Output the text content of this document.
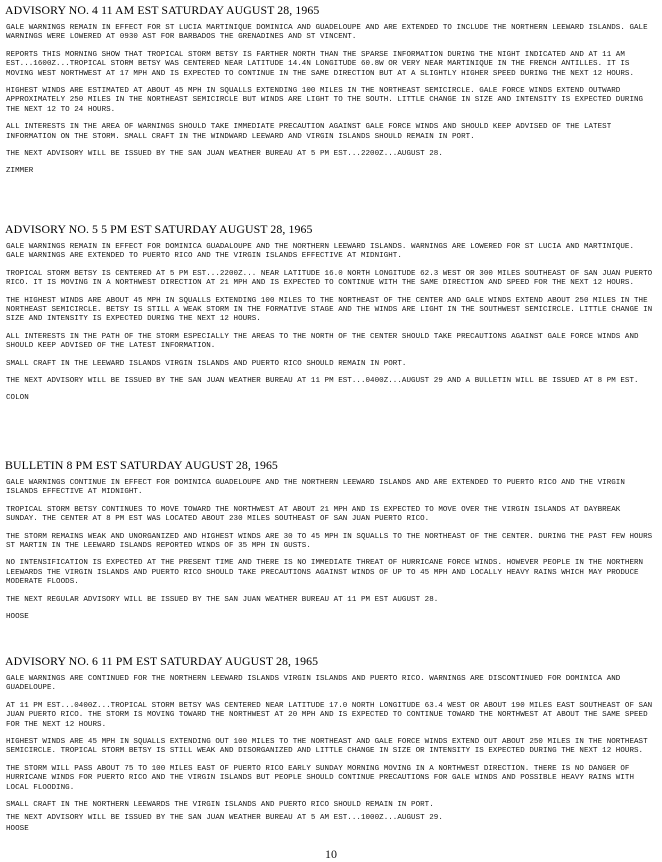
ADVISORY NO. 4 11 AM EST SATURDAY AUGUST 28, 1965
GALE WARNINGS REMAIN IN EFFECT FOR ST LUCIA MARTINIQUE DOMINICA AND GUADELOUPE AND ARE EXTENDED TO INCLUDE THE NORTHERN LEEWARD ISLANDS. GALE WARNINGS WERE LOWERED AT 0930 AST FOR BARBADOS THE GRENADINES AND ST VINCENT.
REPORTS THIS MORNING SHOW THAT TROPICAL STORM BETSY IS FARTHER NORTH THAN THE SPARSE INFORMATION DURING THE NIGHT INDICATED AND AT 11 AM EST...1600Z...TROPICAL STORM BETSY WAS CENTERED NEAR LATITUDE 14.4N LONGITUDE 60.8W OR VERY NEAR MARTINIQUE IN THE FRENCH ANTILLES. IT IS MOVING WEST NORTHWEST AT 17 MPH AND IS EXPECTED TO CONTINUE IN THE SAME DIRECTION BUT AT A SLIGHTLY HIGHER SPEED DURING THE NEXT 12 HOURS.
HIGHEST WINDS ARE ESTIMATED AT ABOUT 45 MPH IN SQUALLS EXTENDING 100 MILES IN THE NORTHEAST SEMICIRCLE. GALE FORCE WINDS EXTEND OUTWARD APPROXIMATELY 250 MILES IN THE NORTHEAST SEMICIRCLE BUT WINDS ARE LIGHT TO THE SOUTH. LITTLE CHANGE IN SIZE AND INTENSITY IS EXPECTED DURING THE NEXT 12 TO 24 HOURS.
ALL INTERESTS IN THE AREA OF WARNINGS SHOULD TAKE IMMEDIATE PRECAUTION AGAINST GALE FORCE WINDS AND SHOULD KEEP ADVISED OF THE LATEST INFORMATION ON THE STORM. SMALL CRAFT IN THE WINDWARD LEEWARD AND VIRGIN ISLANDS SHOULD REMAIN IN PORT.
THE NEXT ADVISORY WILL BE ISSUED BY THE SAN JUAN WEATHER BUREAU AT 5 PM EST...2200Z...AUGUST 28.
ZIMMER
ADVISORY NO. 5 5 PM EST SATURDAY AUGUST 28, 1965
GALE WARNINGS REMAIN IN EFFECT FOR DOMINICA GUADALOUPE AND THE NORTHERN LEEWARD ISLANDS. WARNINGS ARE LOWERED FOR ST LUCIA AND MARTINIQUE. GALE WARNINGS ARE EXTENDED TO PUERTO RICO AND THE VIRGIN ISLANDS EFFECTIVE AT MIDNIGHT.
TROPICAL STORM BETSY IS CENTERED AT 5 PM EST...2200Z... NEAR LATITUDE 16.0 NORTH LONGITUDE 62.3 WEST OR 300 MILES SOUTHEAST OF SAN JUAN PUERTO RICO. IT IS MOVING IN A NORTHWEST DIRECTION AT 21 MPH AND IS EXPECTED TO CONTINUE WITH THE SAME DIRECTION AND SPEED FOR THE NEXT 12 HOURS.
THE HIGHEST WINDS ARE ABOUT 45 MPH IN SQUALLS EXTENDING 100 MILES TO THE NORTHEAST OF THE CENTER AND GALE WINDS EXTEND ABOUT 250 MILES IN THE NORTHEAST SEMICIRCLE. BETSY IS STILL A WEAK STORM IN THE FORMATIVE STAGE AND THE WINDS ARE LIGHT IN THE SOUTHWEST SEMICIRCLE. LITTLE CHANGE IN SIZE AND INTENSITY IS EXPECTED DURING THE NEXT 12 HOURS.
ALL INTERESTS IN THE PATH OF THE STORM ESPECIALLY THE AREAS TO THE NORTH OF THE CENTER SHOULD TAKE PRECAUTIONS AGAINST GALE FORCE WINDS AND SHOULD KEEP ADVISED OF THE LATEST INFORMATION.
SMALL CRAFT IN THE LEEWARD ISLANDS VIRGIN ISLANDS AND PUERTO RICO SHOULD REMAIN IN PORT.
THE NEXT ADVISORY WILL BE ISSUED BY THE SAN JUAN WEATHER BUREAU AT 11 PM EST...0400Z...AUGUST 29 AND A BULLETIN WILL BE ISSUED AT 8 PM EST.
COLON
BULLETIN 8 PM EST SATURDAY AUGUST 28, 1965
GALE WARNINGS CONTINUE IN EFFECT FOR DOMINICA GUADELOUPE AND THE NORTHERN LEEWARD ISLANDS AND ARE EXTENDED TO PUERTO RICO AND THE VIRGIN ISLANDS EFFECTIVE AT MIDNIGHT.
TROPICAL STORM BETSY CONTINUES TO MOVE TOWARD THE NORTHWEST AT ABOUT 21 MPH AND IS EXPECTED TO MOVE OVER THE VIRGIN ISLANDS AT DAYBREAK SUNDAY. THE CENTER AT 8 PM EST WAS LOCATED ABOUT 230 MILES SOUTHEAST OF SAN JUAN PUERTO RICO.
THE STORM REMAINS WEAK AND UNORGANIZED AND HIGHEST WINDS ARE 30 TO 45 MPH IN SQUALLS TO THE NORTHEAST OF THE CENTER. DURING THE PAST FEW HOURS ST MARTIN IN THE LEEWARD ISLANDS REPORTED WINDS OF 35 MPH IN GUSTS.
NO INTENSIFICATION IS EXPECTED AT THE PRESENT TIME AND THERE IS NO IMMEDIATE THREAT OF HURRICANE FORCE WINDS. HOWEVER PEOPLE IN THE NORTHERN LEEWARDS THE VIRGIN ISLANDS AND PUERTO RICO SHOULD TAKE PRECAUTIONS AGAINST WINDS OF UP TO 45 MPH AND LOCALLY HEAVY RAINS WHICH MAY PRODUCE MODERATE FLOODS.
THE NEXT REGULAR ADVISORY WILL BE ISSUED BY THE SAN JUAN WEATHER BUREAU AT 11 PM EST AUGUST 28.
HOOSE
ADVISORY NO. 6 11 PM EST SATURDAY AUGUST 28, 1965
GALE WARNINGS ARE CONTINUED FOR THE NORTHERN LEEWARD ISLANDS VIRGIN ISLANDS AND PUERTO RICO. WARNINGS ARE DISCONTINUED FOR DOMINICA AND GUADELOUPE.
AT 11 PM EST...0400Z...TROPICAL STORM BETSY WAS CENTERED NEAR LATITUDE 17.0 NORTH LONGITUDE 63.4 WEST OR ABOUT 190 MILES EAST SOUTHEAST OF SAN JUAN PUERTO RICO. THE STORM IS MOVING TOWARD THE NORTHWEST AT 20 MPH AND IS EXPECTED TO CONTINUE TOWARD THE NORTHWEST AT ABOUT THE SAME SPEED FOR THE NEXT 12 HOURS.
HIGHEST WINDS ARE 45 MPH IN SQUALLS EXTENDING OUT 100 MILES TO THE NORTHEAST AND GALE FORCE WINDS EXTEND OUT ABOUT 250 MILES IN THE NORTHEAST SEMICIRCLE. TROPICAL STORM BETSY IS STILL WEAK AND DISORGANIZED AND LITTLE CHANGE IN SIZE OR INTENSITY IS EXPECTED DURING THE NEXT 12 HOURS.
THE STORM WILL PASS ABOUT 75 TO 100 MILES EAST OF PUERTO RICO EARLY SUNDAY MORNING MOVING IN A NORTHWEST DIRECTION. THERE IS NO DANGER OF HURRICANE WINDS FOR PUERTO RICO AND THE VIRGIN ISLANDS BUT PEOPLE SHOULD CONTINUE PRECAUTIONS FOR GALE WINDS AND POSSIBLE HEAVY RAINS WITH LOCAL FLOODING.
SMALL CRAFT IN THE NORTHERN LEEWARDS THE VIRGIN ISLANDS AND PUERTO RICO SHOULD REMAIN IN PORT.
THE NEXT ADVISORY WILL BE ISSUED BY THE SAN JUAN WEATHER BUREAU AT 5 AM EST...1000Z...AUGUST 29.
HOOSE
10
